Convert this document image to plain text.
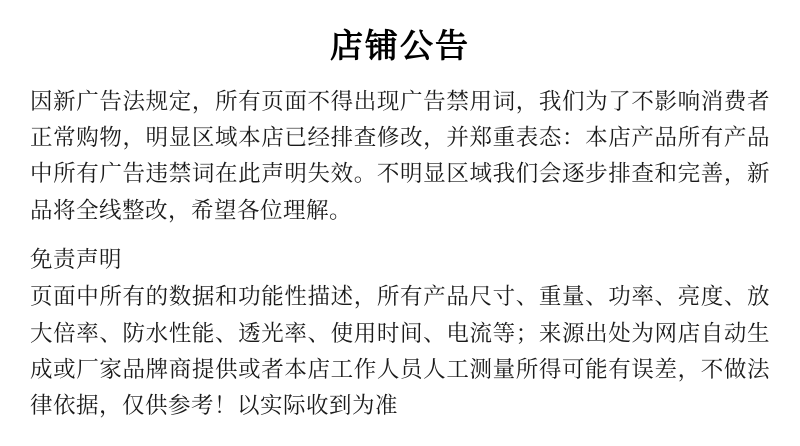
店铺公告

因新广告法规定，所有页面不得出现广告禁用词，我们为了不影响消费者正常购物，明显区域本店已经排查修改，并郑重表态：本店产品所有产品中所有广告违禁词在此声明失效。不明显区域我们会逐步排查和完善，新品将全线整改，希望各位理解。

免责声明

页面中所有的数据和功能性描述，所有产品尺寸、重量、功率、亮度、放大倍率、防水性能、透光率、使用时间、电流等；来源出处为网店自动生成或厂家品牌商提供或者本店工作人员人工测量所得可能有误差，不做法律依据，仅供参考！以实际收到为准
